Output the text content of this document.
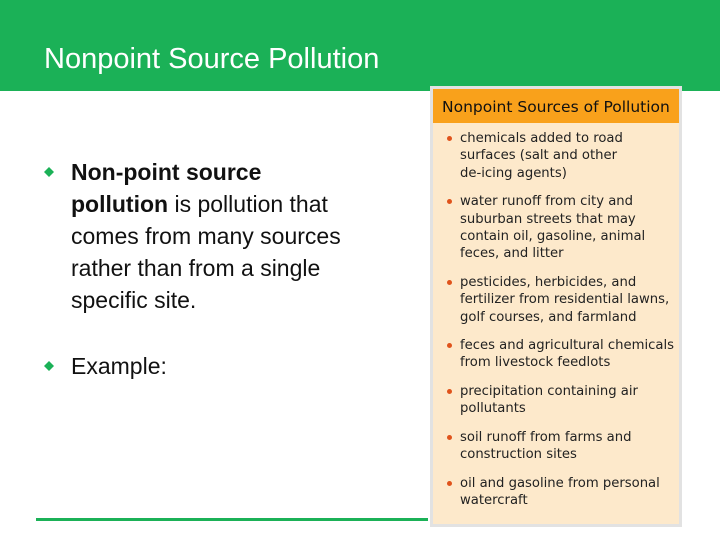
Nonpoint Source Pollution
Non-point source
pollution is pollution that
comes from many sources
rather than from a single
specific site.
Example:
Nonpoint Sources of Pollution
chemicals added to road
surfaces (salt and other
de-icing agents)
water runoff from city and
suburban streets that may
contain oil, gasoline, animal
feces, and litter
pesticides, herbicides, and
fertilizer from residential lawns,
golf courses, and farmland
feces and agricultural chemicals
from livestock feedlots
precipitation containing air
pollutants
soil runoff from farms and
construction sites
oil and gasoline from personal
watercraft
